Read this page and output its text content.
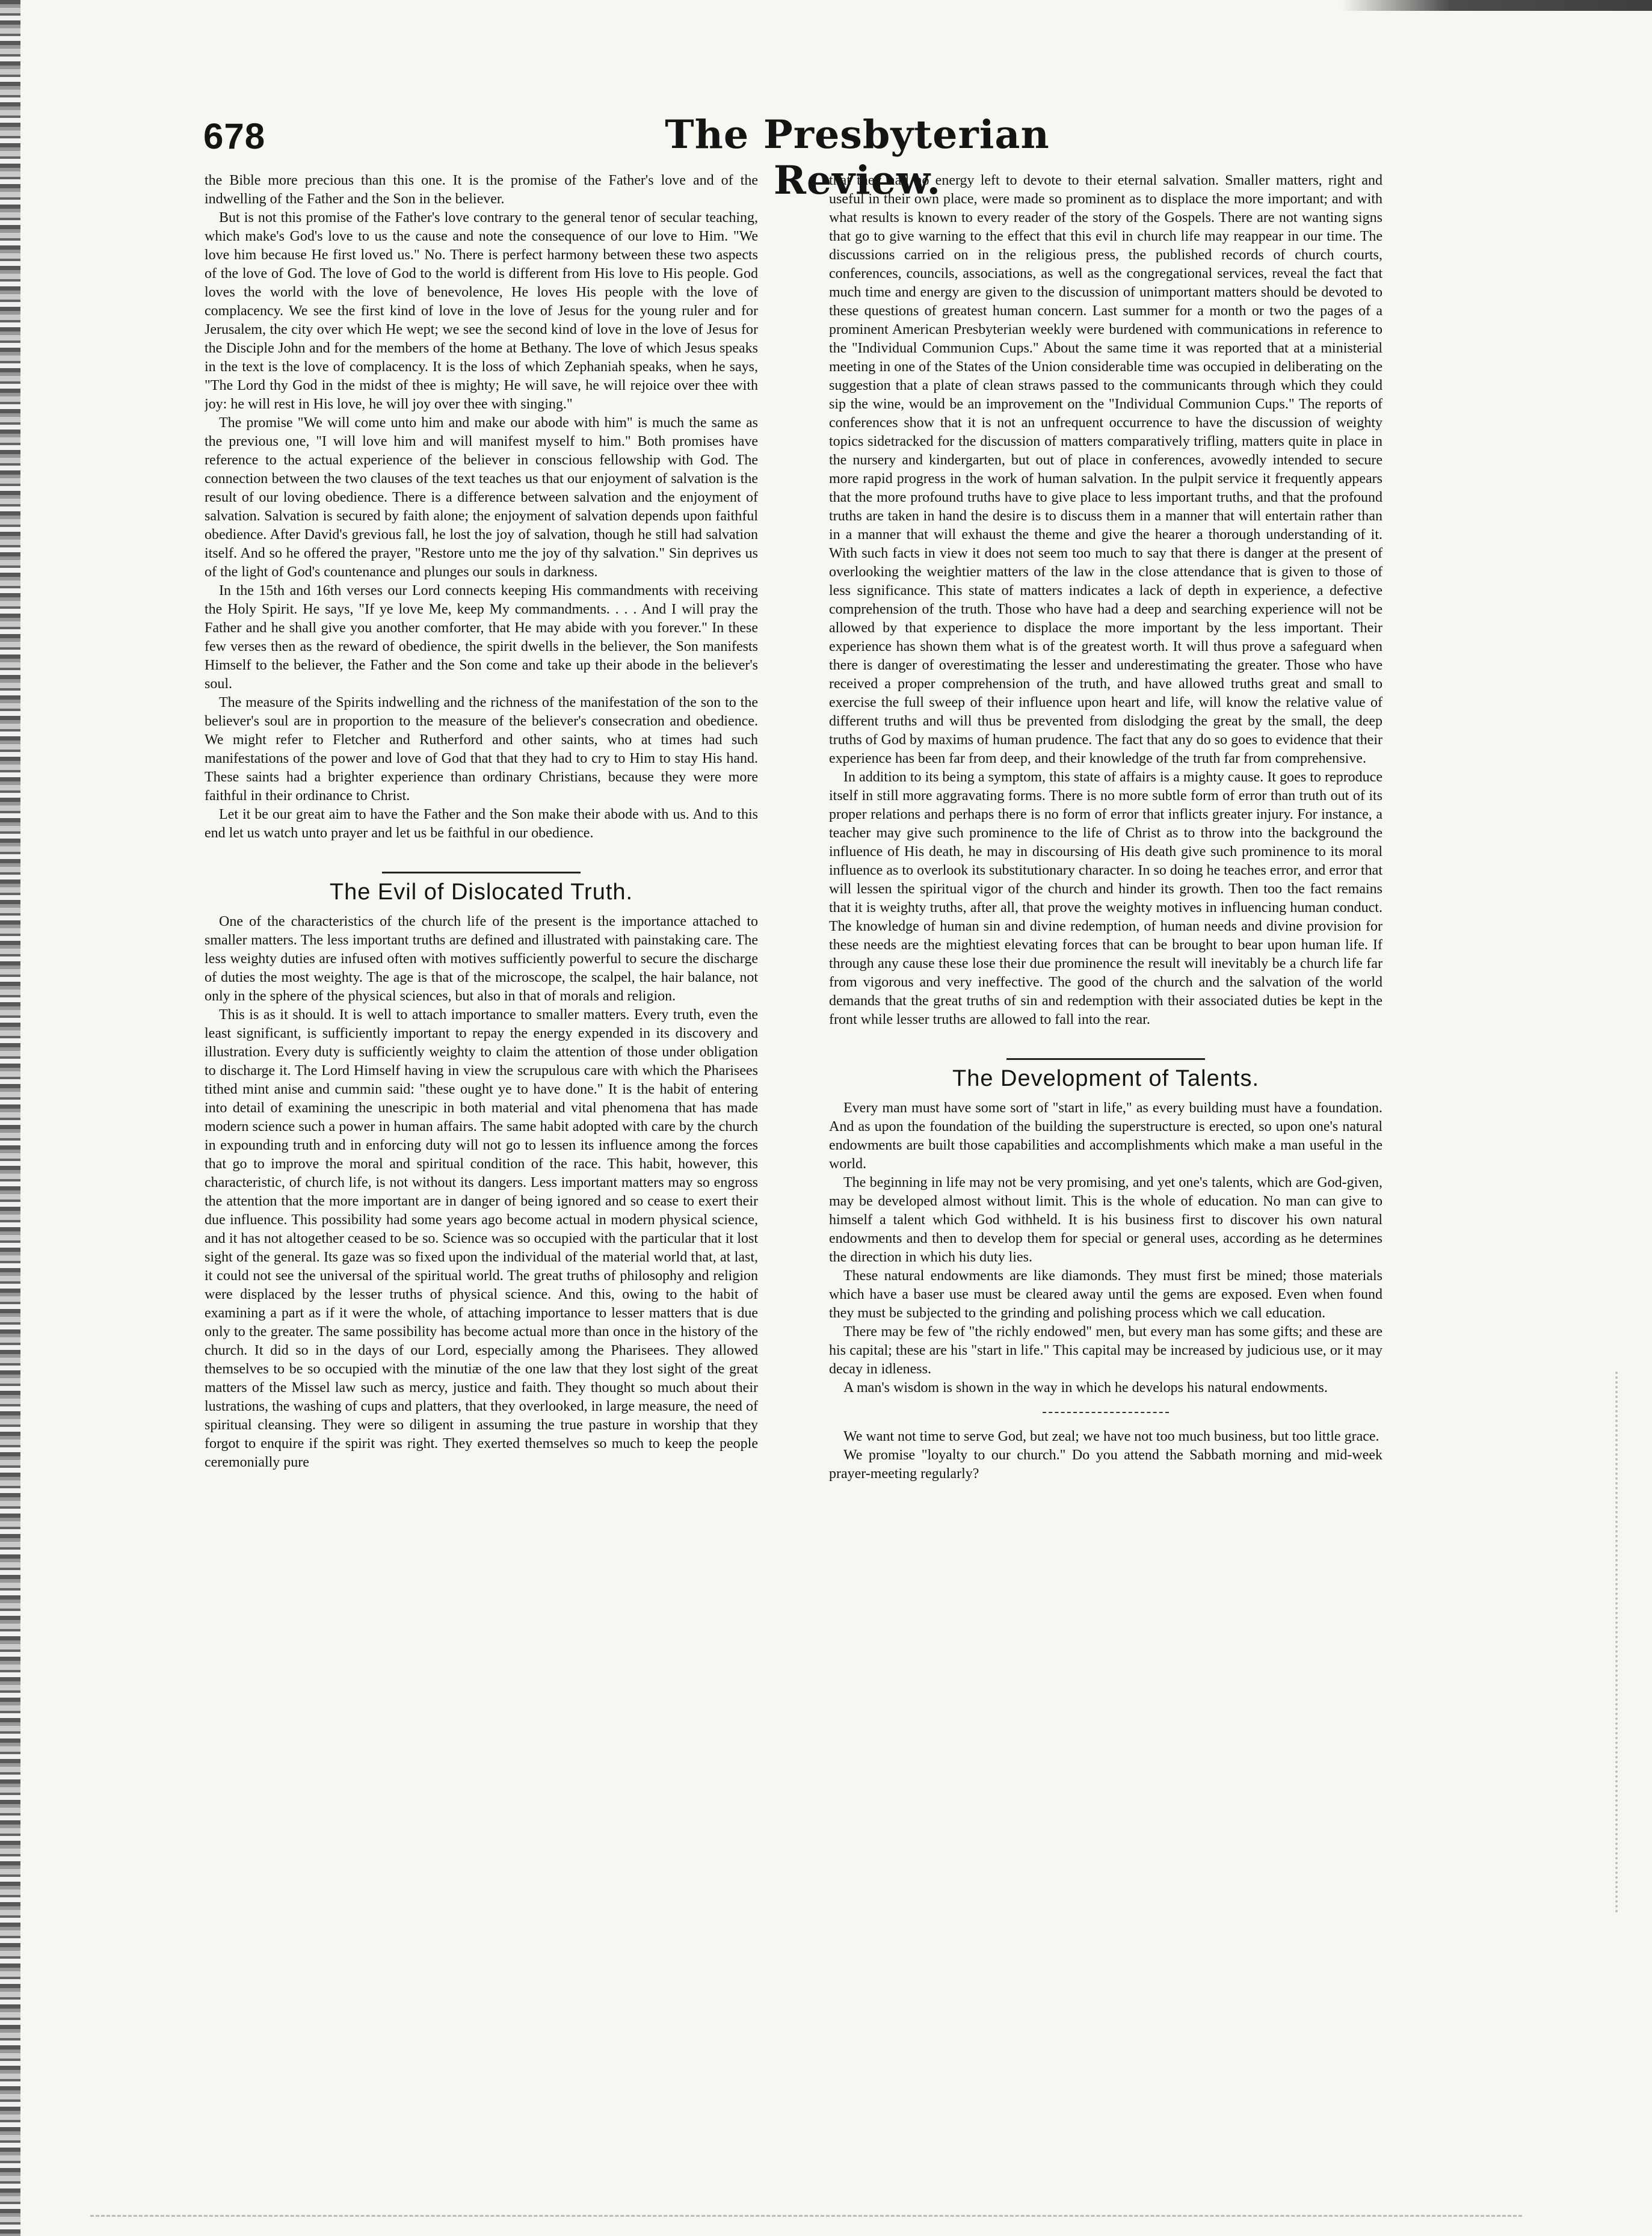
678	The Presbyterian Review.

the Bible more precious than this one. It is the promise of the Father's love and of the indwelling of the Father and the Son in the believer.

But is not this promise of the Father's love contrary to the general tenor of secular teaching, which make's God's love to us the cause and note the consequence of our love to Him. "We love him because He first loved us." No. There is perfect harmony between these two aspects of the love of God. The love of God to the world is different from His love to His people. God loves the world with the love of benevolence, He loves His people with the love of complacency. We see the first kind of love in the love of Jesus for the young ruler and for Jerusalem, the city over which He wept; we see the second kind of love in the love of Jesus for the Disciple John and for the members of the home at Bethany. The love of which Jesus speaks in the text is the love of complacency. It is the loss of which Zephaniah speaks, when he says, "The Lord thy God in the midst of thee is mighty; He will save, he will rejoice over thee with joy: he will rest in His love, he will joy over thee with singing."

The promise "We will come unto him and make our abode with him" is much the same as the previous one, "I will love him and will manifest myself to him." Both promises have reference to the actual experience of the believer in conscious fellowship with God. The connection between the two clauses of the text teaches us that our enjoyment of salvation is the result of our loving obedience. There is a difference between salvation and the enjoyment of salvation. Salvation is secured by faith alone; the enjoyment of salvation depends upon faithful obedience. After David's grevious fall, he lost the joy of salvation, though he still had salvation itself. And so he offered the prayer, "Restore unto me the joy of thy salvation." Sin deprives us of the light of God's countenance and plunges our souls in darkness.

In the 15th and 16th verses our Lord connects keeping His commandments with receiving the Holy Spirit. He says, "If ye love Me, keep My commandments. . . . And I will pray the Father and he shall give you another comforter, that He may abide with you forever." In these few verses then as the reward of obedience, the spirit dwells in the believer, the Son manifests Himself to the believer, the Father and the Son come and take up their abode in the believer's soul.

The measure of the Spirits indwelling and the richness of the manifestation of the son to the believer's soul are in proportion to the measure of the believer's consecration and obedience. We might refer to Fletcher and Rutherford and other saints, who at times had such manifestations of the power and love of God that that they had to cry to Him to stay His hand. These saints had a brighter experience than ordinary Christians, because they were more faithful in their ordinance to Christ.

Let it be our great aim to have the Father and the Son make their abode with us. And to this end let us watch unto prayer and let us be faithful in our obedience.

The Evil of Dislocated Truth.

One of the characteristics of the church life of the present is the importance attached to smaller matters. The less important truths are defined and illustrated with painstaking care. The less weighty duties are infused often with motives sufficiently powerful to secure the discharge of duties the most weighty. The age is that of the microscope, the scalpel, the hair balance, not only in the sphere of the physical sciences, but also in that of morals and religion.

This is as it should. It is well to attach importance to smaller matters. Every truth, even the least significant, is sufficiently important to repay the energy expended in its discovery and illustration. Every duty is sufficiently weighty to claim the attention of those under obligation to discharge it. The Lord Himself having in view the scrupulous care with which the Pharisees tithed mint anise and cummin said: "these ought ye to have done." It is the habit of entering into detail of examining the unescripic in both material and vital phenomena that has made modern science such a power in human affairs. The same habit adopted with care by the church in expounding truth and in enforcing duty will not go to lessen its influence among the forces that go to improve the moral and spiritual condition of the race. This habit, however, this characteristic, of church life, is not without its dangers. Less important matters may so engross the attention that the more important are in danger of being ignored and so cease to exert their due influence. This possibility had some years ago become actual in modern physical science, and it has not altogether ceased to be so. Science was so occupied with the particular that it lost sight of the general. Its gaze was so fixed upon the individual of the material world that, at last, it could not see the universal of the spiritual world. The great truths of philosophy and religion were displaced by the lesser truths of physical science. And this, owing to the habit of examining a part as if it were the whole, of attaching importance to lesser matters that is due only to the greater. The same possibility has become actual more than once in the history of the church. It did so in the days of our Lord, especially among the Pharisees. They allowed themselves to be so occupied with the minutiæ of the one law that they lost sight of the great matters of the Missel law such as mercy, justice and faith. They thought so much about their lustrations, the washing of cups and platters, that they overlooked, in large measure, the need of spiritual cleansing. They were so diligent in assuming the true pasture in worship that they forgot to enquire if the spirit was right. They exerted themselves so much to keep the people ceremonially pure

that they had no energy left to devote to their eternal salvation. Smaller matters, right and useful in their own place, were made so prominent as to displace the more important; and with what results is known to every reader of the story of the Gospels. There are not wanting signs that go to give warning to the effect that this evil in church life may reappear in our time. The discussions carried on in the religious press, the published records of church courts, conferences, councils, associations, as well as the congregational services, reveal the fact that much time and energy are given to the discussion of unimportant matters should be devoted to these questions of greatest human concern. Last summer for a month or two the pages of a prominent American Presbyterian weekly were burdened with communications in reference to the "Individual Communion Cups." About the same time it was reported that at a ministerial meeting in one of the States of the Union considerable time was occupied in deliberating on the suggestion that a plate of clean straws passed to the communicants through which they could sip the wine, would be an improvement on the "Individual Communion Cups." The reports of conferences show that it is not an unfrequent occurrence to have the discussion of weighty topics sidetracked for the discussion of matters comparatively trifling, matters quite in place in the nursery and kindergarten, but out of place in conferences, avowedly intended to secure more rapid progress in the work of human salvation. In the pulpit service it frequently appears that the more profound truths have to give place to less important truths, and that the profound truths are taken in hand the desire is to discuss them in a manner that will entertain rather than in a manner that will exhaust the theme and give the hearer a thorough understanding of it. With such facts in view it does not seem too much to say that there is danger at the present of overlooking the weightier matters of the law in the close attendance that is given to those of less significance. This state of matters indicates a lack of depth in experience, a defective comprehension of the truth. Those who have had a deep and searching experience will not be allowed by that experience to displace the more important by the less important. Their experience has shown them what is of the greatest worth. It will thus prove a safeguard when there is danger of overestimating the lesser and underestimating the greater. Those who have received a proper comprehension of the truth, and have allowed truths great and small to exercise the full sweep of their influence upon heart and life, will know the relative value of different truths and will thus be prevented from dislodging the great by the small, the deep truths of God by maxims of human prudence. The fact that any do so goes to evidence that their experience has been far from deep, and their knowledge of the truth far from comprehensive.

In addition to its being a symptom, this state of affairs is a mighty cause. It goes to reproduce itself in still more aggravating forms. There is no more subtle form of error than truth out of its proper relations and perhaps there is no form of error that inflicts greater injury. For instance, a teacher may give such prominence to the life of Christ as to throw into the background the influence of His death, he may in discoursing of His death give such prominence to its moral influence as to overlook its substitutionary character. In so doing he teaches error, and error that will lessen the spiritual vigor of the church and hinder its growth. Then too the fact remains that it is weighty truths, after all, that prove the weighty motives in influencing human conduct. The knowledge of human sin and divine redemption, of human needs and divine provision for these needs are the mightiest elevating forces that can be brought to bear upon human life. If through any cause these lose their due prominence the result will inevitably be a church life far from vigorous and very ineffective. The good of the church and the salvation of the world demands that the great truths of sin and redemption with their associated duties be kept in the front while lesser truths are allowed to fall into the rear.

The Development of Talents.

Every man must have some sort of "start in life," as every building must have a foundation. And as upon the foundation of the building the superstructure is erected, so upon one's natural endowments are built those capabilities and accomplishments which make a man useful in the world.

The beginning in life may not be very promising, and yet one's talents, which are God-given, may be developed almost without limit. This is the whole of education. No man can give to himself a talent which God withheld. It is his business first to discover his own natural endowments and then to develop them for special or general uses, according as he determines the direction in which his duty lies.

These natural endowments are like diamonds. They must first be mined; those materials which have a baser use must be cleared away until the gems are exposed. Even when found they must be subjected to the grinding and polishing process which we call education.

There may be few of "the richly endowed" men, but every man has some gifts; and these are his capital; these are his "start in life." This capital may be increased by judicious use, or it may decay in idleness.

A man's wisdom is shown in the way in which he develops his natural endowments.

We want not time to serve God, but zeal; we have not too much business, but too little grace.

We promise "loyalty to our church." Do you attend the Sabbath morning and mid-week prayer-meeting regularly?
